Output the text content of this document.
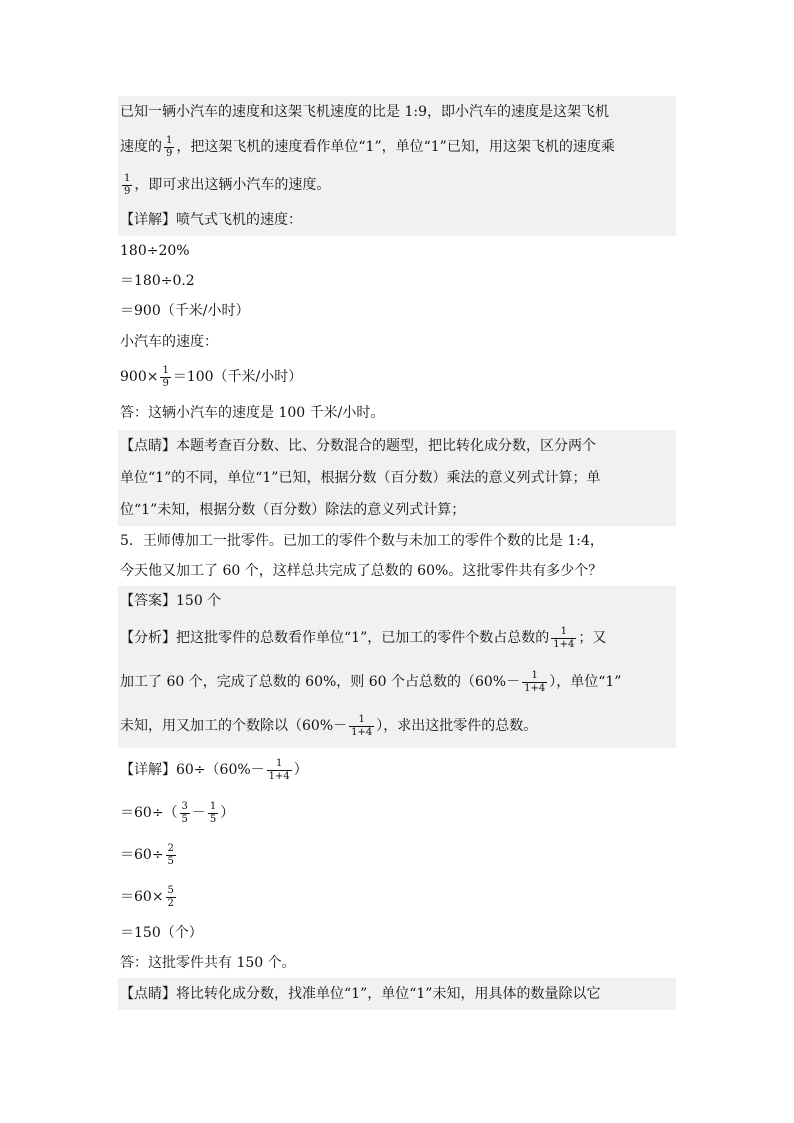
已知一辆小汽车的速度和这架飞机速度的比是 1:9，即小汽车的速度是这架飞机
速度的 $\frac{1}{9}$ ，把这架飞机的速度看作单位“1”，单位“1”已知，用这架飞机的速度乘
$\frac{1}{9}$ ，即可求出这辆小汽车的速度。
【详解】 喷气式飞机的速度：
180÷20%
＝180÷0.2
＝900（千米/小时）
小汽车的速度：
$900\times \frac{1}{9} =100$（千米/小时）
答：这辆小汽车的速度是 100 千米/小时。
【点睛】本题考查百分数、比、分数混合的题型，把比转化成分数，区分两个
单位“1”的不同，单位“1”已知，根据分数（百分数）乘法的意义列式计算；单
位“1”未知，根据分数（百分数）除法的意义列式计算；
5．王师傅加工一批零件。已加工的零件个数与未加工的零件个数的比是 1:4，
今天他又加工了 60 个，这样总共完成了总数的 60%。这批零件共有多少个？
【答案】150 个
【分析】把这批零件的总数看作单位“1”，已加工的零件个数占总数的 $\frac{1}{1+4}$ ；又
加工了 60 个，完成了总数的 60%，则 60 个占总数的（$60\%- \frac{1}{1+4}$ ），单位“1”
未知，用又加工的个数除以（$60\%- \frac{1}{1+4}$ ），求出这批零件的总数。
【详解】$60\div(60\%- \frac{1}{1+4}$ ）
$=60\div( \frac{3}{5} - \frac{1}{5}$ ）
$=60\div \frac{2}{5}$
$=60\times \frac{5}{2}$
＝150（个）
答：这批零件共有 150 个。
【点睛】将比转化成分数，找准单位“1”，单位“1”未知，用具体的数量除以它
